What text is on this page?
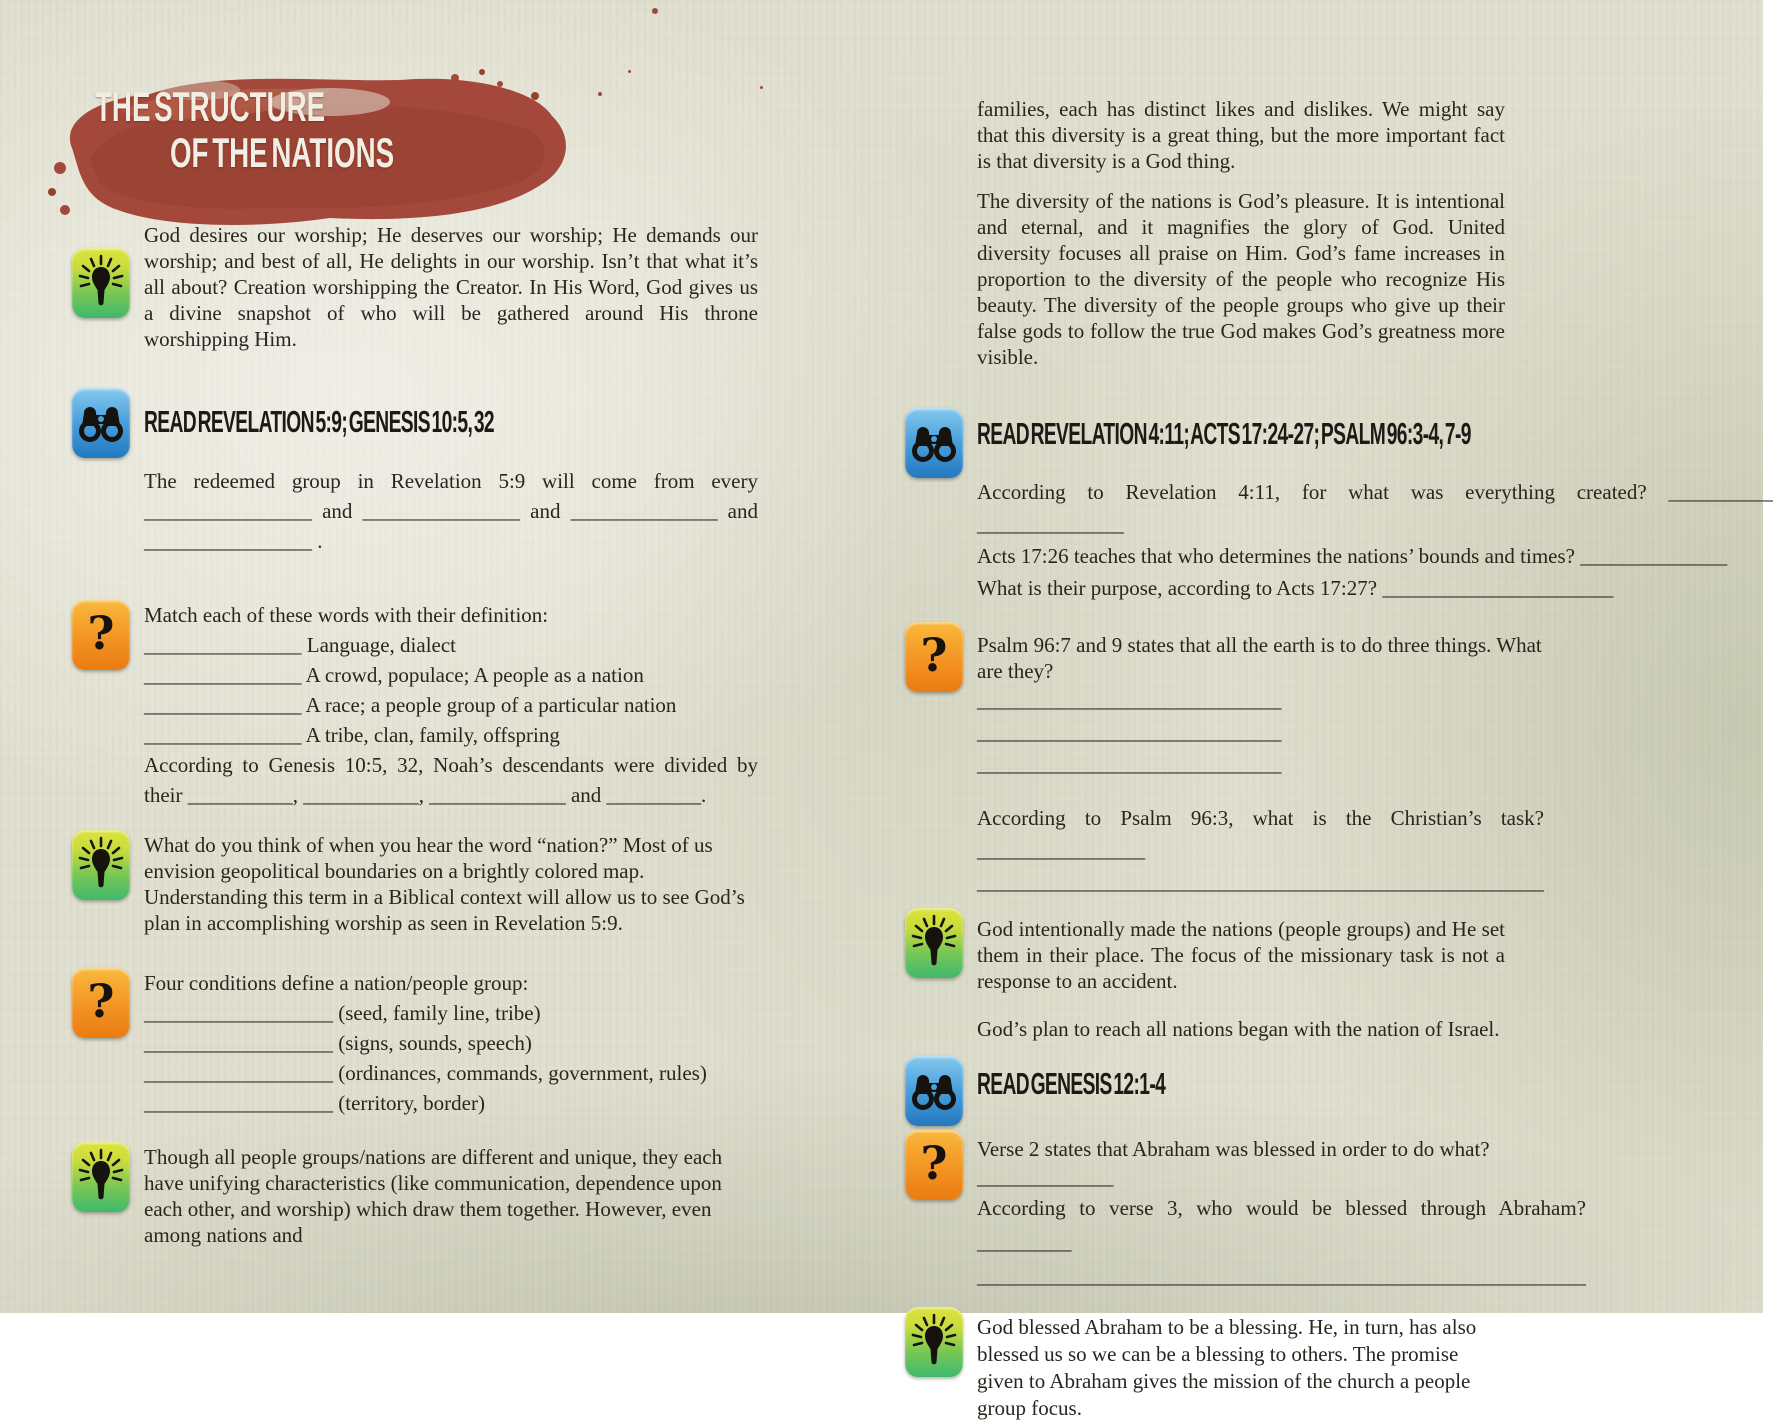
THE STRUCTURE
OF THE NATIONS
God desires our worship; He deserves our worship; He demands our worship; and best of all, He delights in our worship. Isn’t that what it’s all about? Creation worshipping the Creator. In His Word, God gives us a divine snapshot of who will be gathered around His throne worshipping Him.
READ REVELATION 5:9; GENESIS 10:5, 32
The redeemed group in Revelation 5:9 will come from every ________________ and _______________ and ______________ and ________________ .
? Match each of these words with their definition:
_______________ Language, dialect
_______________ A crowd, populace; A people as a nation
_______________ A race; a people group of a particular nation
_______________ A tribe, clan, family, offspring
According to Genesis 10:5, 32, Noah’s descendants were divided by their __________, ___________, _____________ and _________.
What do you think of when you hear the word “nation?” Most of us envision geopolitical boundaries on a brightly colored map. Understanding this term in a Biblical context will allow us to see God’s plan in accomplishing worship as seen in Revelation 5:9.
? Four conditions define a nation/people group:
__________________ (seed, family line, tribe)
__________________ (signs, sounds, speech)
__________________ (ordinances, commands, government, rules)
__________________ (territory, border)
Though all people groups/nations are different and unique, they each have unifying characteristics (like communication, dependence upon each other, and worship) which draw them together. However, even among nations and
families, each has distinct likes and dislikes. We might say that this diversity is a great thing, but the more important fact is that diversity is a God thing.
The diversity of the nations is God’s pleasure. It is intentional and eternal, and it magnifies the glory of God. United diversity focuses all praise on Him. God’s fame increases in proportion to the diversity of the people who recognize His beauty. The diversity of the people groups who give up their false gods to follow the true God makes God’s greatness more visible.
READ REVELATION 4:11; ACTS 17:24-27; PSALM 96:3-4, 7-9
According to Revelation 4:11, for what was everything created? __________ ______________
Acts 17:26 teaches that who determines the nations’ bounds and times? ______________
What is their purpose, according to Acts 17:27? ______________________
? Psalm 96:7 and 9 states that all the earth is to do three things. What are they?
_____________________________
_____________________________
_____________________________
According to Psalm 96:3, what is the Christian’s task? ________________ ______________________________________________________
God intentionally made the nations (people groups) and He set them in their place. The focus of the missionary task is not a response to an accident.
God’s plan to reach all nations began with the nation of Israel.
READ GENESIS 12:1-4
? Verse 2 states that Abraham was blessed in order to do what?_____________
According to verse 3, who would be blessed through Abraham? _________ __________________________________________________________
God blessed Abraham to be a blessing. He, in turn, has also blessed us so we can be a blessing to others. The promise given to Abraham gives the mission of the church a people group focus.
